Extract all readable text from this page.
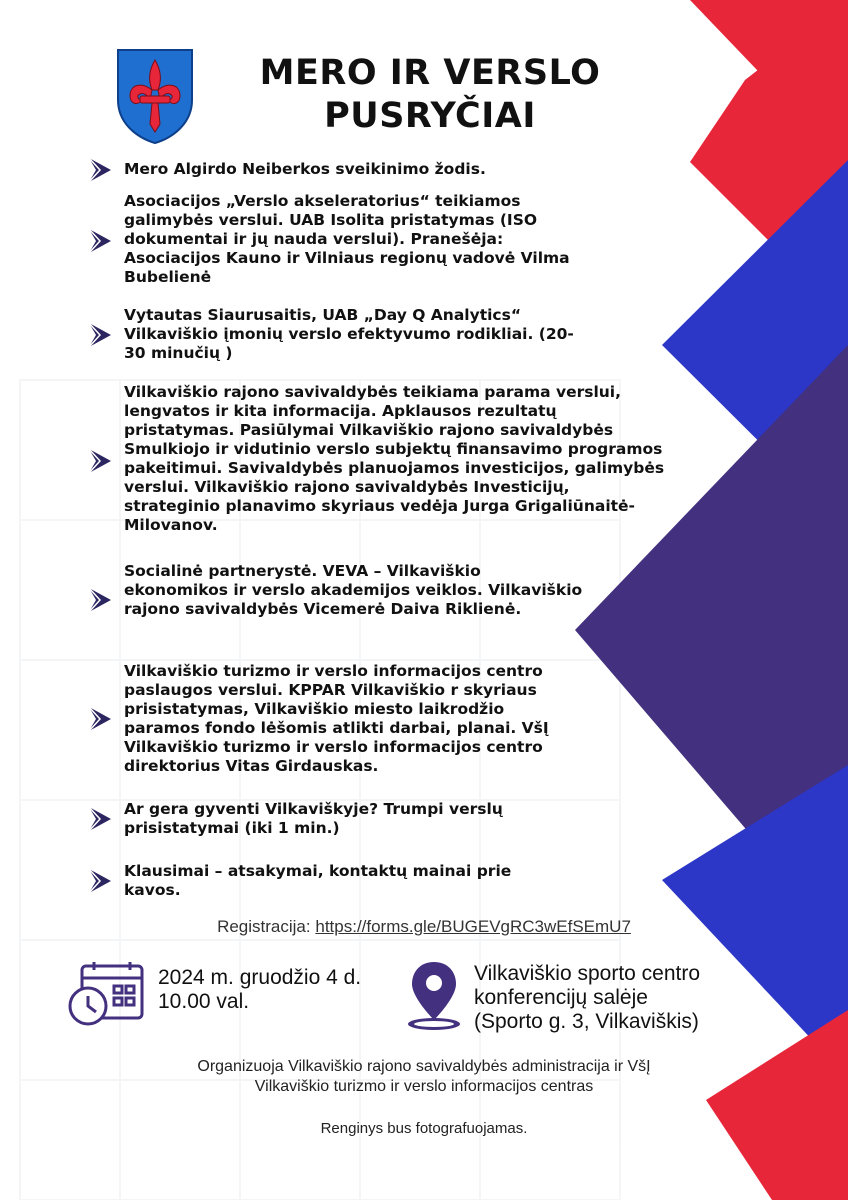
MERO IR VERSLO
PUSRYČIAI
Mero Algirdo Neiberkos sveikinimo žodis.
Asociacijos „Verslo akseleratorius“ teikiamos galimybės verslui. UAB Isolita pristatymas (ISO dokumentai ir jų nauda verslui). Pranešėja: Asociacijos Kauno ir Vilniaus regionų vadovė Vilma Bubelienė
Vytautas Siaurusaitis, UAB „Day Q Analytics“ Vilkaviškio įmonių verslo efektyvumo rodikliai. (20-30 minučių )
Vilkaviškio rajono savivaldybės teikiama parama verslui, lengvatos ir kita informacija. Apklausos rezultatų pristatymas. Pasiūlymai Vilkaviškio rajono savivaldybės Smulkiojo ir vidutinio verslo subjektų finansavimo programos pakeitimui. Savivaldybės planuojamos investicijos, galimybės verslui. Vilkaviškio rajono savivaldybės Investicijų, strateginio planavimo skyriaus vedėja Jurga Grigaliūnaitė-Milovanov.
Socialinė partnerystė. VEVA – Vilkaviškio ekonomikos ir verslo akademijos veiklos. Vilkaviškio rajono savivaldybės Vicemerė Daiva Riklienė.
Vilkaviškio turizmo ir verslo informacijos centro paslaugos verslui. KPPAR Vilkaviškio r skyriaus prisistatymas, Vilkaviškio miesto laikrodžio paramos fondo lėšomis atlikti darbai, planai. VšĮ Vilkaviškio turizmo ir verslo informacijos centro direktorius Vitas Girdauskas.
Ar gera gyventi Vilkaviškyje? Trumpi verslų prisistatymai (iki 1 min.)
Klausimai – atsakymai, kontaktų mainai prie kavos.
Registracija: https://forms.gle/BUGEVgRC3wEfSEmU7
2024 m. gruodžio 4 d.
10.00 val.
Vilkaviškio sporto centro
konferencijų salėje
(Sporto g. 3, Vilkaviškis)
Organizuoja Vilkaviškio rajono savivaldybės administracija ir VšĮ
Vilkaviškio turizmo ir verslo informacijos centras
Renginys bus fotografuojamas.
